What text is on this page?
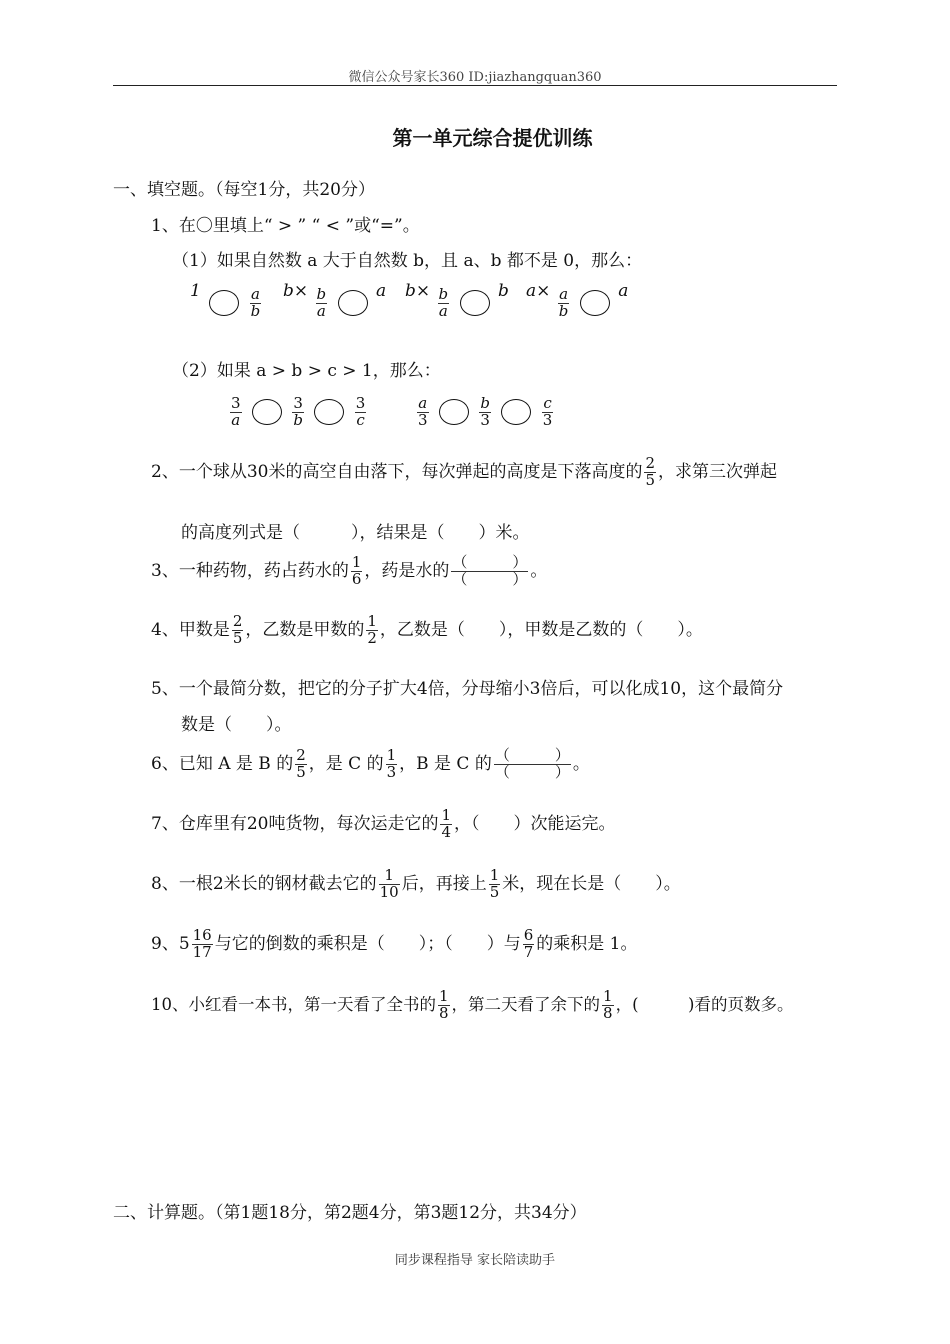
微信公众号家长360 ID:jiazhangquan360
第一单元综合提优训练
一、填空题。（每空1分，共20分）
1、在〇里填上“ > ” “ < ”或“=”。
（1）如果自然数 a 大于自然数 b，且 a、b 都不是 0，那么：
1	$\frac{a}{b} b\times \frac{b}{a}$	a $b\times \frac{b}{a}$	b $a\times \frac{a}{b}$	a
（2）如果 a > b > c > 1，那么：
$\frac{3}{a}$
	$\frac{3}{b}$
	$\frac{3}{c}$	$\frac{a}{3}$
	$\frac{b}{3}$
	$\frac{c}{3}$
2、一个球从30米的高空自由落下，每次弹起的高度是下落高度的 $\frac{2}{5}$ ，求第三次弹起
的高度列式是（　　　），结果是（　　）米。
3、一种药物，药占药水的 $\frac{1}{6}$ ，药是水的 $\frac{( )}{( )}$ 。
4、甲数是 $\frac{2}{5}$ ，乙数是甲数的 $\frac{1}{2}$ ，乙数是（　　），甲数是乙数的（　　）。
5、一个最简分数，把它的分子扩大4倍，分母缩小3倍后，可以化成10，这个最简分
数是（　　）。
6、已知 A 是 B 的 $\frac{2}{5}$ ，是 C 的 $\frac{1}{3}$ ，B 是 C 的 $\frac{( )}{( )}$ 。
7、仓库里有20吨货物，每次运走它的 $\frac{1}{4}$ ，（　　）次能运完。
8、一根2米长的钢材截去它的 $\frac{1}{10}$ 后，再接上 $\frac{1}{5}$ 米，现在长是（　　）。
9、$5 \frac{16}{17}$ 与它的倒数的乘积是（　　）；（　　）与 $\frac{6}{7}$ 的乘积是 1。
10、小红看一本书，第一天看了全书的 $\frac{1}{8}$ ，第二天看了余下的 $\frac{1}{8}$ ，(　　　)看的页数多。
二、计算题。（第1题18分，第2题4分，第3题12分，共34分）
同步课程指导 家长陪读助手
